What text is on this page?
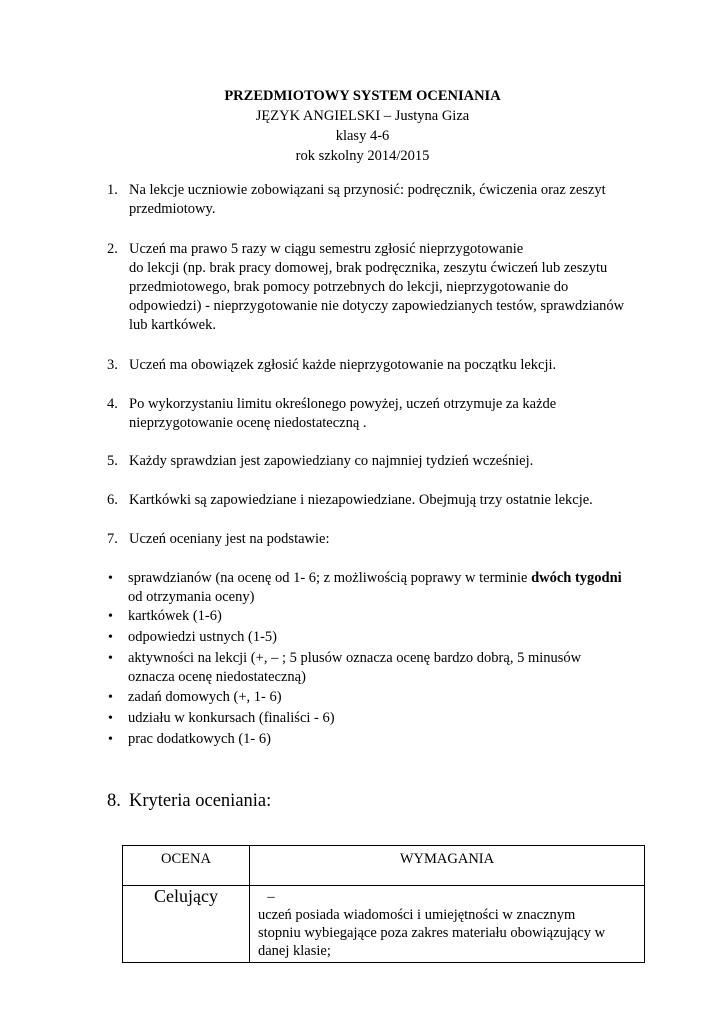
PRZEDMIOTOWY SYSTEM OCENIANIA
JĘZYK ANGIELSKI – Justyna Giza
klasy 4-6
rok szkolny 2014/2015
1. Na lekcje uczniowie zobowiązani są przynosić: podręcznik, ćwiczenia oraz zeszyt
przedmiotowy.
2. Uczeń ma prawo 5 razy w ciągu semestru zgłosić nieprzygotowanie
do lekcji (np. brak pracy domowej, brak podręcznika, zeszytu ćwiczeń lub zeszytu
przedmiotowego, brak pomocy potrzebnych do lekcji, nieprzygotowanie do
odpowiedzi) - nieprzygotowanie nie dotyczy zapowiedzianych testów, sprawdzianów
lub kartkówek.
3. Uczeń ma obowiązek zgłosić każde nieprzygotowanie na początku lekcji.
4. Po wykorzystaniu limitu określonego powyżej, uczeń otrzymuje za każde
nieprzygotowanie ocenę niedostateczną .
5. Każdy sprawdzian jest zapowiedziany co najmniej tydzień wcześniej.
6. Kartkówki są zapowiedziane i niezapowiedziane. Obejmują trzy ostatnie lekcje.
7. Uczeń oceniany jest na podstawie:
•	sprawdzianów (na ocenę od 1- 6; z możliwością poprawy w terminie dwóch tygodni
od otrzymania oceny)
•	kartkówek (1-6)
•	odpowiedzi ustnych (1-5)
•	aktywności na lekcji (+, – ; 5 plusów oznacza ocenę bardzo dobrą, 5 minusów
oznacza ocenę niedostateczną)
•	zadań domowych (+, 1- 6)
•	udziału w konkursach (finaliści - 6)
•	prac dodatkowych (1- 6)
8. Kryteria oceniania:
OCENA	WYMAGANIA
Celujący	–
uczeń posiada wiadomości i umiejętności w znacznym
stopniu wybiegające poza zakres materiału obowiązujący w
danej klasie;
